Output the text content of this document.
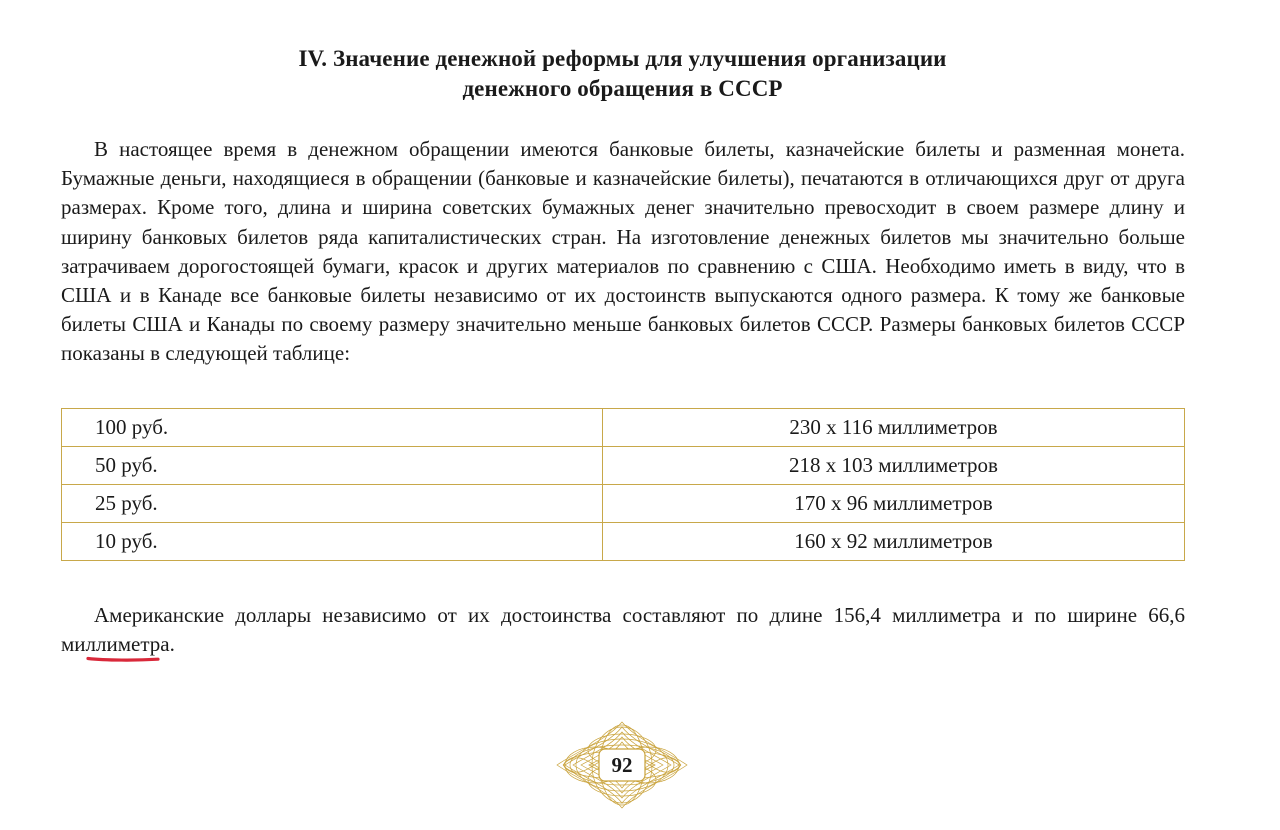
IV. Значение денежной реформы для улучшения организации
денежного обращения в СССР

В настоящее время в денежном обращении имеются банковые билеты, казначейские билеты и разменная монета. Бумажные деньги, находящиеся в обращении (банковые и казначейские билеты), печатаются в отличающихся друг от друга размерах. Кроме того, длина и ширина советских бумажных денег значительно превосходит в своем размере длину и ширину банковых билетов ряда капиталистических стран. На изготовление денежных билетов мы значительно больше затрачиваем дорогостоящей бумаги, красок и других материалов по сравнению с США. Необходимо иметь в виду, что в США и в Канаде все банковые билеты независимо от их достоинств выпускаются одного размера. К тому же банковые билеты США и Канады по своему размеру значительно меньше банковых билетов СССР. Размеры банковых билетов СССР показаны в следующей таблице:

100 руб.	230 х 116 миллиметров
50 руб.	218 х 103 миллиметров
25 руб.	170 х 96 миллиметров
10 руб.	160 х 92 миллиметров

Американские доллары независимо от их достоинства составляют по длине 156,4 миллиметра и по ширине 66,6 миллиметра.

92
